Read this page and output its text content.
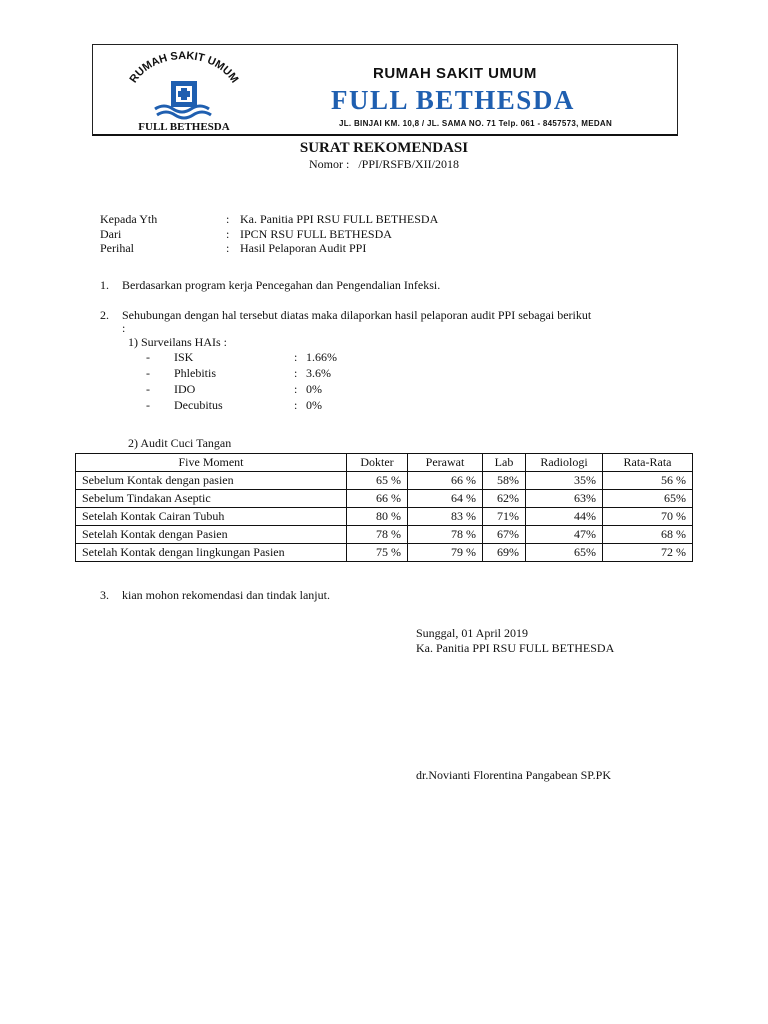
RUMAH SAKIT UMUM
FULL BETHESDA
RUMAH SAKIT UMUM
FULL BETHESDA
JL. BINJAI KM. 10,8 / JL. SAMA NO. 71 Telp. 061 - 8457573, MEDAN
SURAT REKOMENDASI
Nomor : /PPI/RSFB/XII/2018
Kepada Yth	: Ka. Panitia PPI RSU FULL BETHESDA
Dari	: IPCN RSU FULL BETHESDA
Perihal	: Hasil Pelaporan Audit PPI
1. Berdasarkan program kerja Pencegahan dan Pengendalian Infeksi.
2. Sehubungan dengan hal tersebut diatas maka dilaporkan hasil pelaporan audit PPI sebagai berikut
:
1) Surveilans HAIs :
- ISK	: 1.66%
- Phlebitis	: 3.6%
- IDO	: 0%
- Decubitus	: 0%
2) Audit Cuci Tangan
Five Moment	Dokter	Perawat	Lab	Radiologi	Rata-Rata
Sebelum Kontak dengan pasien	65 %	66 %	58%	35%	56 %
Sebelum Tindakan Aseptic	66 %	64 %	62%	63%	65%
Setelah Kontak Cairan Tubuh	80 %	83 %	71%	44%	70 %
Setelah Kontak dengan Pasien	78 %	78 %	67%	47%	68 %
Setelah Kontak dengan lingkungan Pasien	75 %	79 %	69%	65%	72 %
3. kian mohon rekomendasi dan tindak lanjut.
Sunggal, 01 April 2019
Ka. Panitia PPI RSU FULL BETHESDA
dr.Novianti Florentina Pangabean SP.PK
